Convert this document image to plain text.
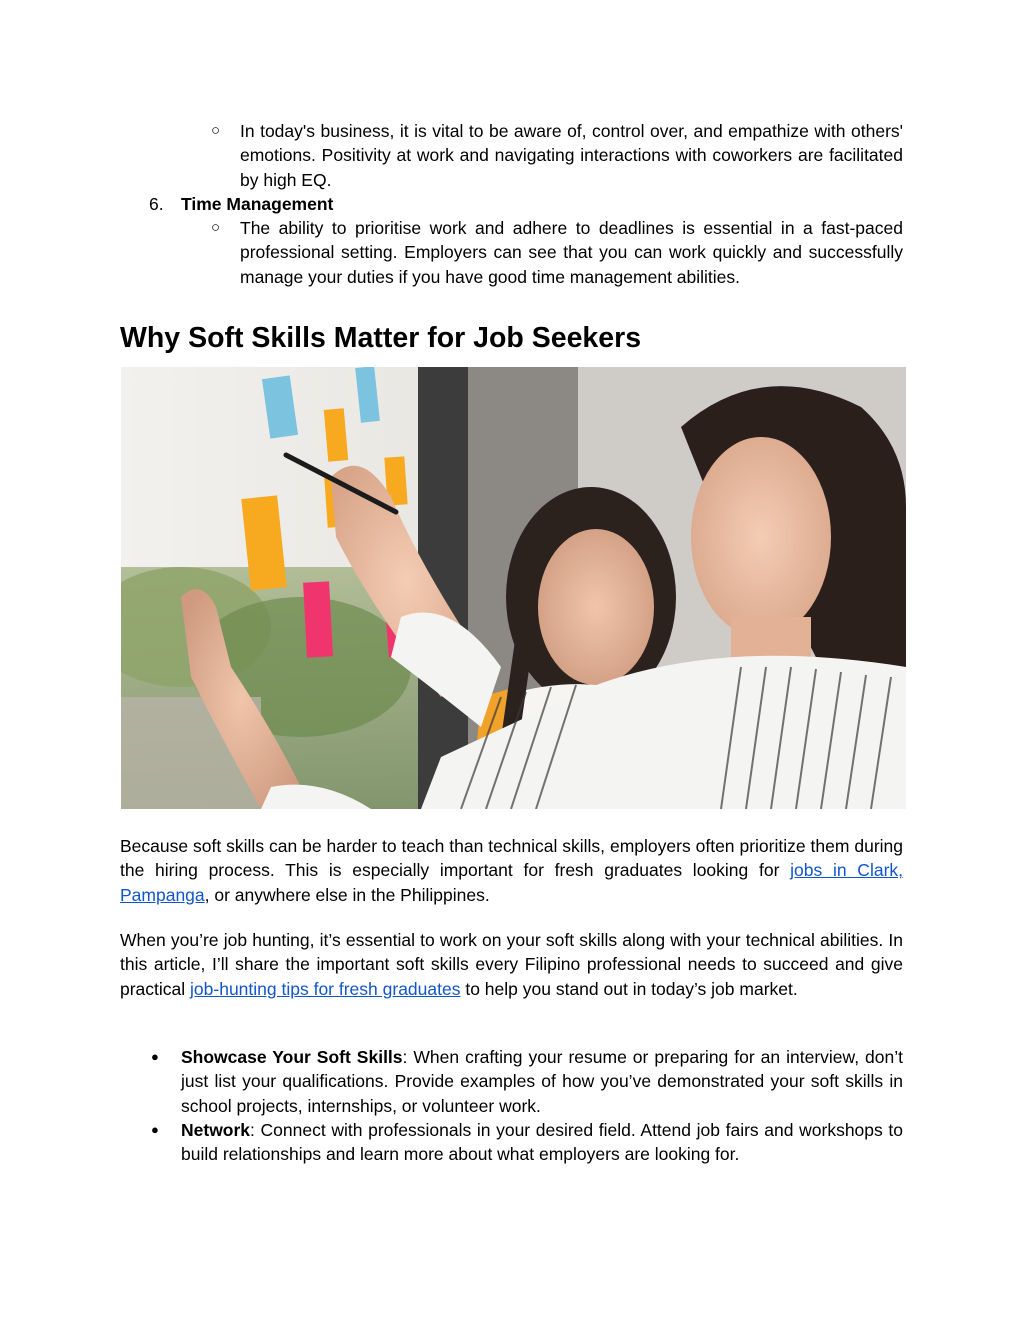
○ In today's business, it is vital to be aware of, control over, and empathize with others' emotions. Positivity at work and navigating interactions with coworkers are facilitated by high EQ.
6. Time Management
○ The ability to prioritise work and adhere to deadlines is essential in a fast-paced professional setting. Employers can see that you can work quickly and successfully manage your duties if you have good time management abilities.
Why Soft Skills Matter for Job Seekers

Because soft skills can be harder to teach than technical skills, employers often prioritize them during the hiring process. This is especially important for fresh graduates looking for jobs in Clark, Pampanga, or anywhere else in the Philippines.

When you’re job hunting, it’s essential to work on your soft skills along with your technical abilities. In this article, I’ll share the important soft skills every Filipino professional needs to succeed and give practical job-hunting tips for fresh graduates to help you stand out in today’s job market.

● Showcase Your Soft Skills: When crafting your resume or preparing for an interview, don’t just list your qualifications. Provide examples of how you’ve demonstrated your soft skills in school projects, internships, or volunteer work.

● Network: Connect with professionals in your desired field. Attend job fairs and workshops to build relationships and learn more about what employers are looking for.
